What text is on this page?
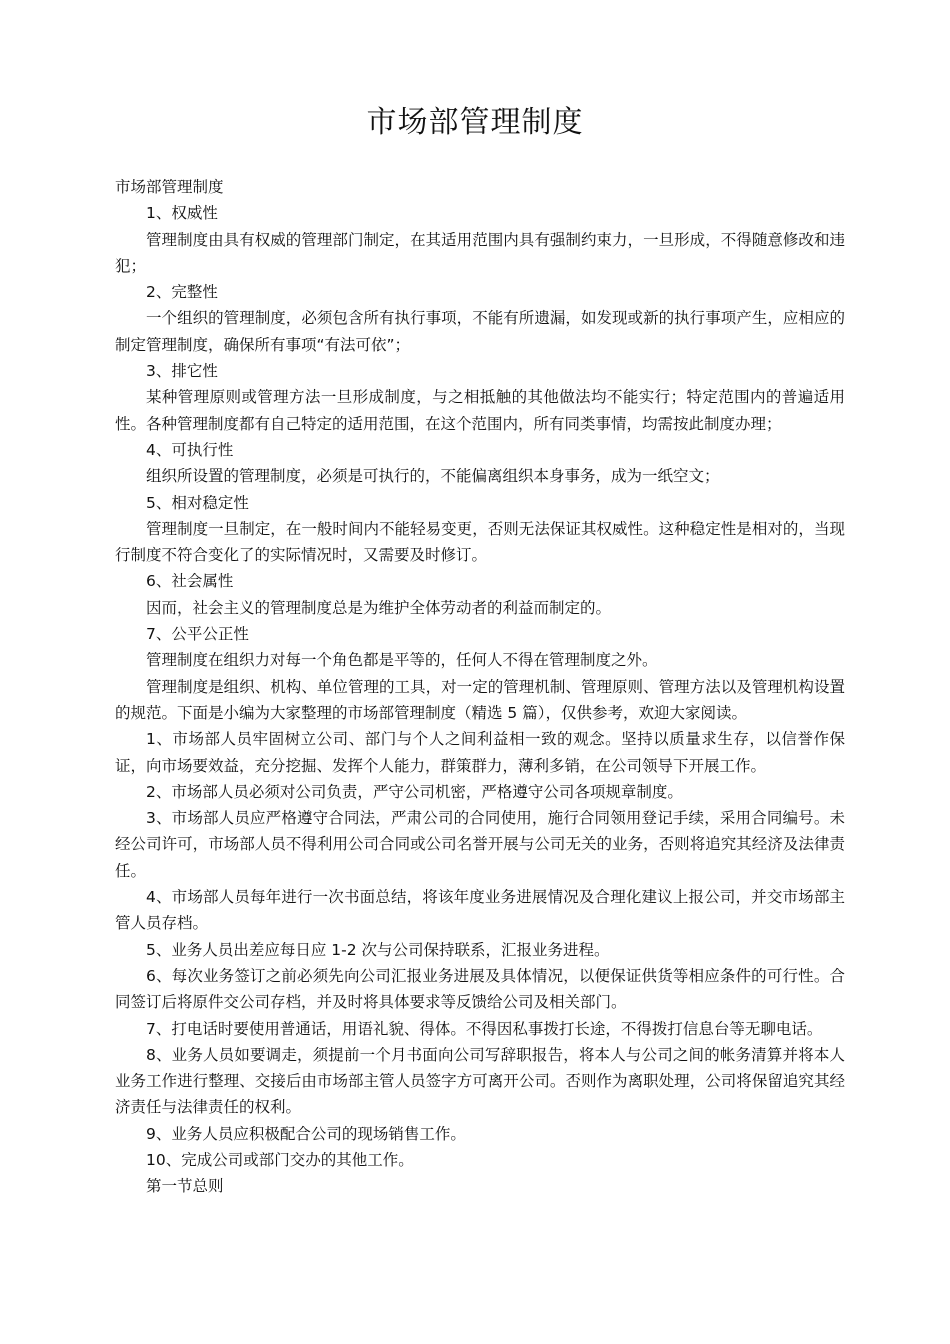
市场部管理制度

市场部管理制度

1、权威性

管理制度由具有权威的管理部门制定，在其适用范围内具有强制约束力，一旦形成，不得随意修改和违犯；

2、完整性

一个组织的管理制度，必须包含所有执行事项，不能有所遗漏，如发现或新的执行事项产生，应相应的制定管理制度，确保所有事项“有法可依”；

3、排它性

某种管理原则或管理方法一旦形成制度，与之相抵触的其他做法均不能实行；特定范围内的普遍适用性。各种管理制度都有自己特定的适用范围，在这个范围内，所有同类事情，均需按此制度办理；

4、可执行性

组织所设置的管理制度，必须是可执行的，不能偏离组织本身事务，成为一纸空文；

5、相对稳定性

管理制度一旦制定，在一般时间内不能轻易变更，否则无法保证其权威性。这种稳定性是相对的，当现行制度不符合变化了的实际情况时，又需要及时修订。

6、社会属性

因而，社会主义的管理制度总是为维护全体劳动者的利益而制定的。

7、公平公正性

管理制度在组织力对每一个角色都是平等的，任何人不得在管理制度之外。

管理制度是组织、机构、单位管理的工具，对一定的管理机制、管理原则、管理方法以及管理机构设置的规范。下面是小编为大家整理的市场部管理制度（精选 5 篇），仅供参考，欢迎大家阅读。

1、市场部人员牢固树立公司、部门与个人之间利益相一致的观念。坚持以质量求生存，以信誉作保证，向市场要效益，充分挖掘、发挥个人能力，群策群力，薄利多销，在公司领导下开展工作。

2、市场部人员必须对公司负责，严守公司机密，严格遵守公司各项规章制度。

3、市场部人员应严格遵守合同法，严肃公司的合同使用，施行合同领用登记手续，采用合同编号。未经公司许可，市场部人员不得利用公司合同或公司名誉开展与公司无关的业务，否则将追究其经济及法律责任。

4、市场部人员每年进行一次书面总结，将该年度业务进展情况及合理化建议上报公司，并交市场部主管人员存档。

5、业务人员出差应每日应 1-2 次与公司保持联系，汇报业务进程。

6、每次业务签订之前必须先向公司汇报业务进展及具体情况，以便保证供货等相应条件的可行性。合同签订后将原件交公司存档，并及时将具体要求等反馈给公司及相关部门。

7、打电话时要使用普通话，用语礼貌、得体。不得因私事拨打长途，不得拨打信息台等无聊电话。

8、业务人员如要调走，须提前一个月书面向公司写辞职报告，将本人与公司之间的帐务清算并将本人业务工作进行整理、交接后由市场部主管人员签字方可离开公司。否则作为离职处理，公司将保留追究其经济责任与法律责任的权利。

9、业务人员应积极配合公司的现场销售工作。

10、完成公司或部门交办的其他工作。

第一节总则
